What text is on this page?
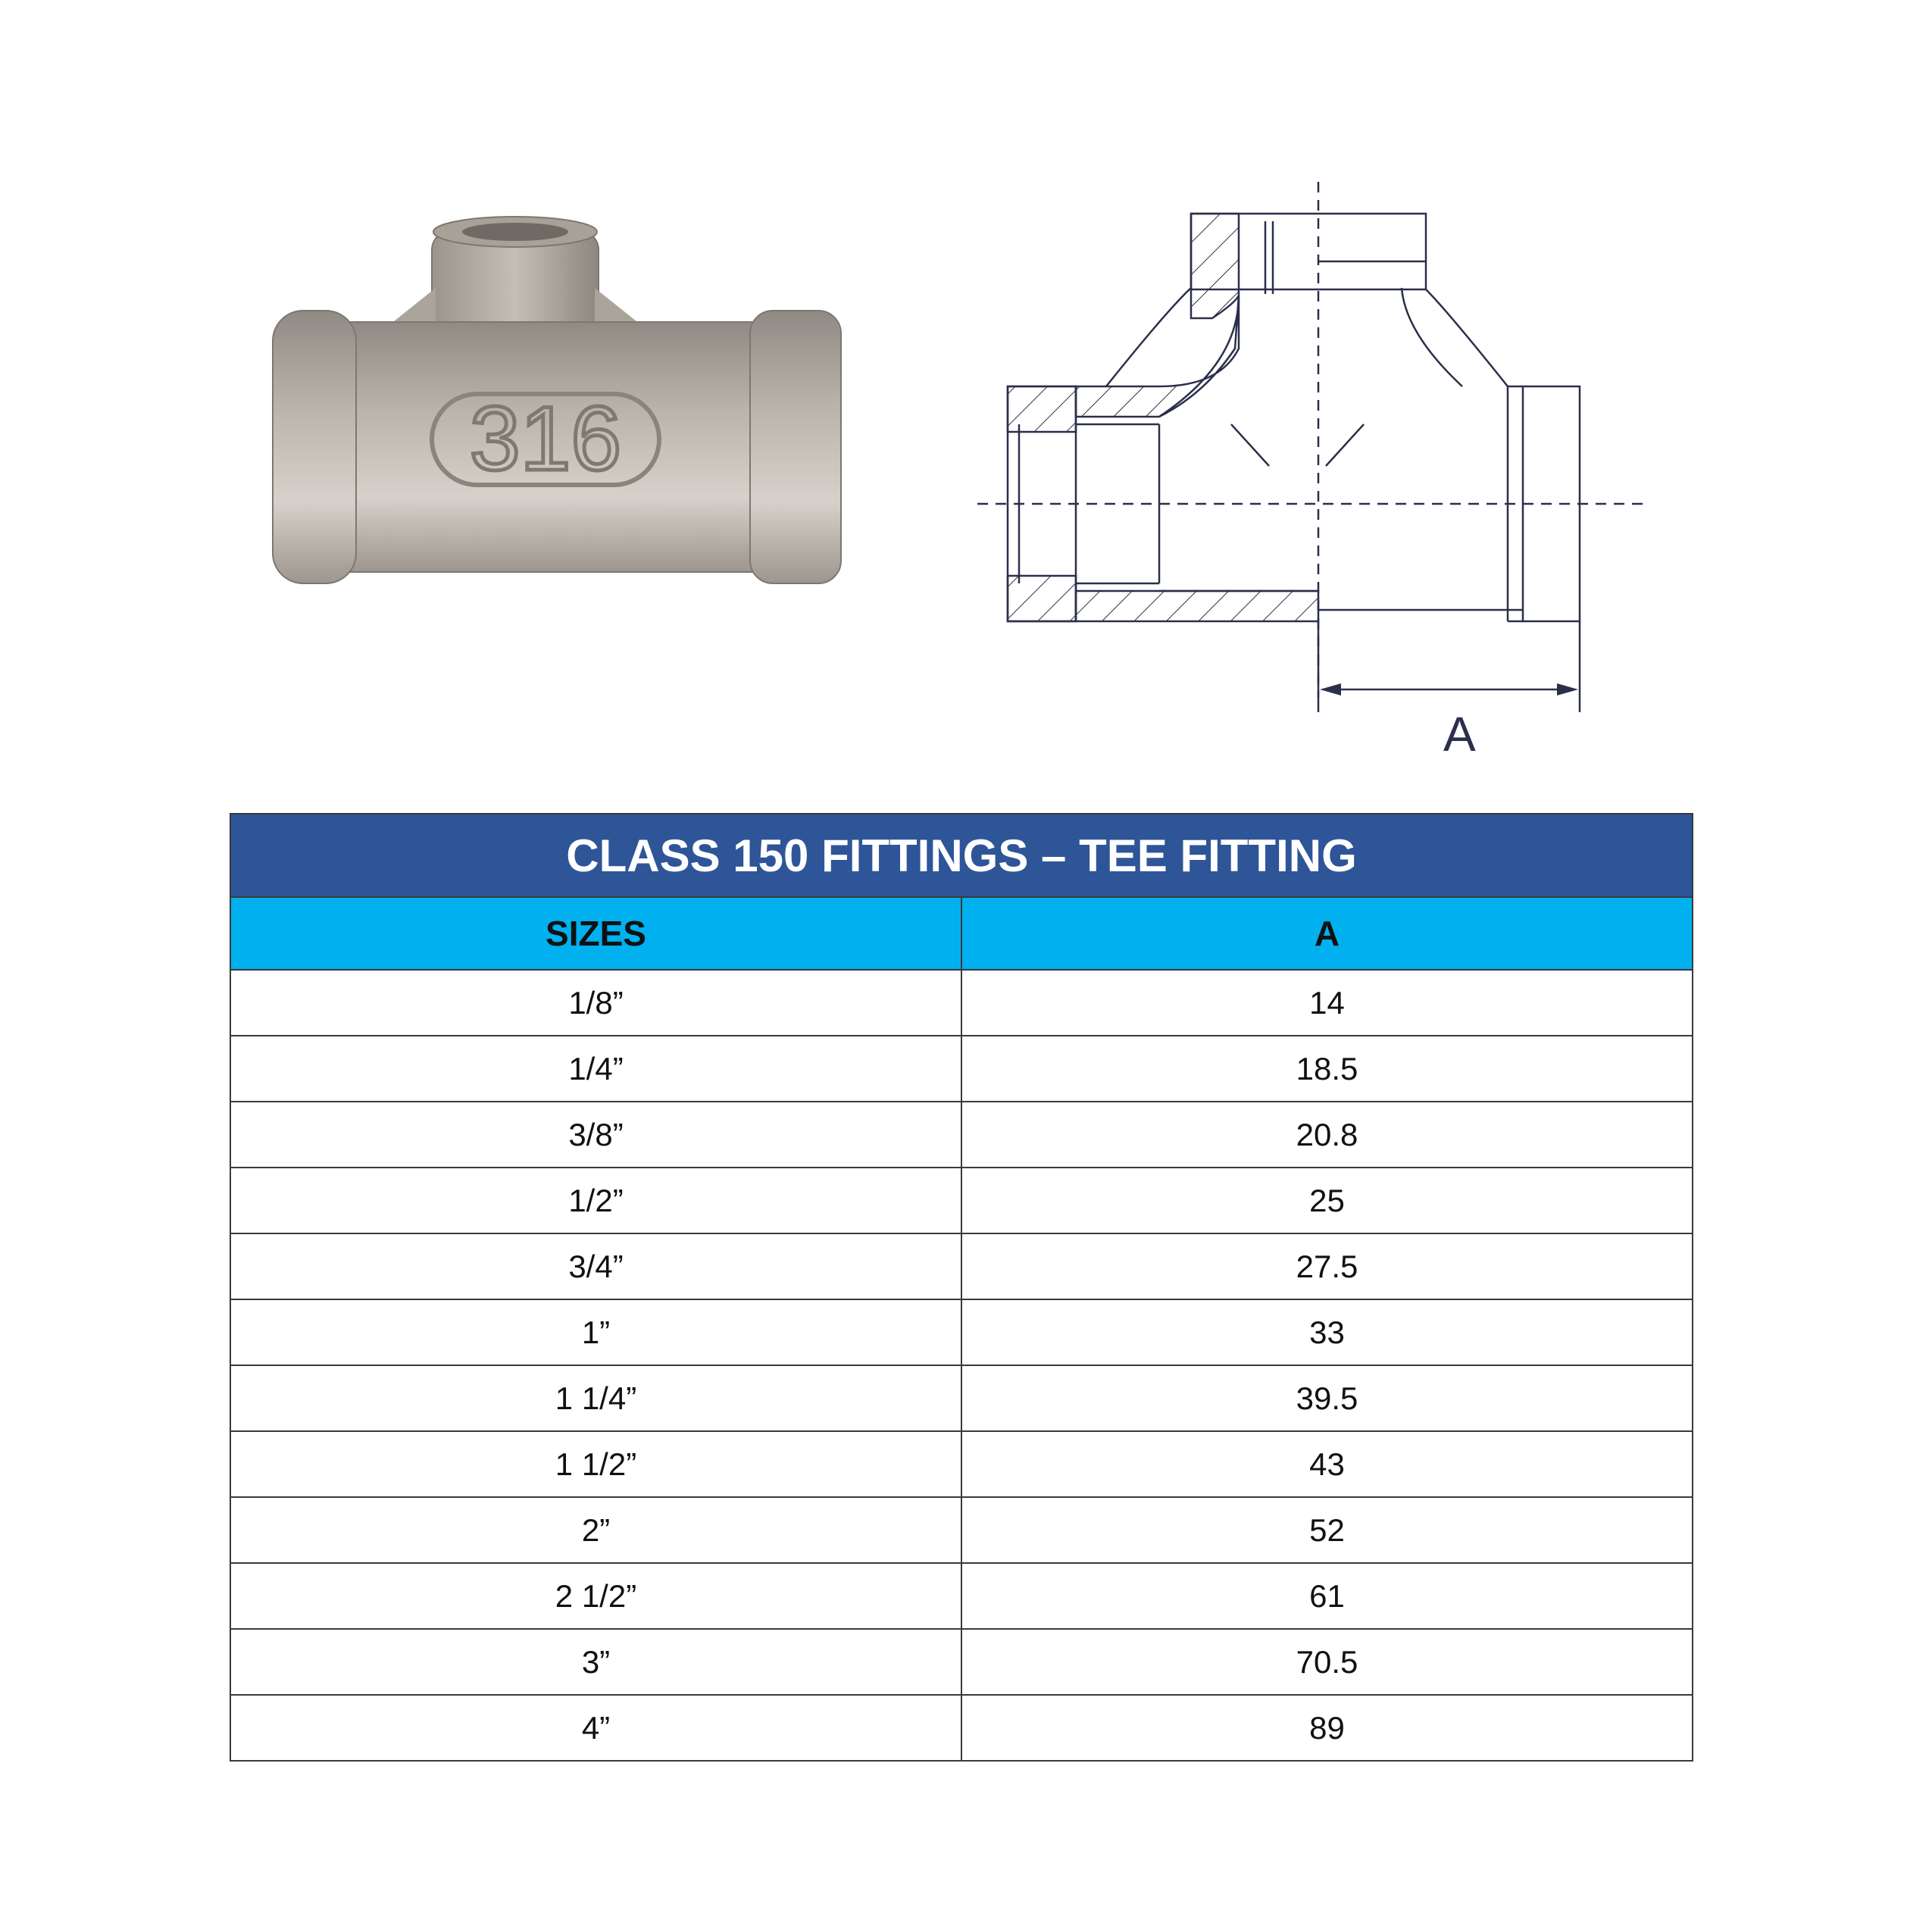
316
A
CLASS 150 FITTINGS – TEE FITTING	
SIZES	A
1/8”	14
1/4”	18.5
3/8”	20.8
1/2”	25
3/4”	27.5
1”	33
1 1/4”	39.5
1 1/2”	43
2”	52
2 1/2”	61
3”	70.5
4”	89
